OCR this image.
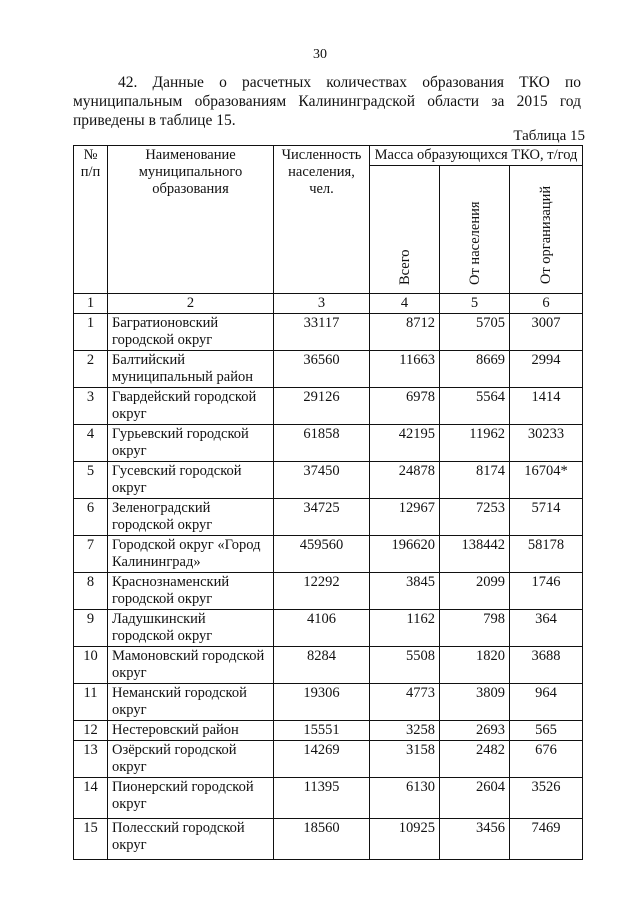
30

42. Данные о расчетных количествах образования ТКО по муниципальным образованиям Калининградской области за 2015 год приведены в таблице 15.

Таблица 15
№ п/п	Наименование муниципального образования	Численность населения, чел.	Масса образующихся ТКО, т/год		

			Всего	От населения	От организаций

1	2	3	4	5	6
1	Багратионовский городской округ	33117	8712	5705	3007
2	Балтийский муниципальный район	36560	11663	8669	2994
3	Гвардейский городской округ	29126	6978	5564	1414
4	Гурьевский городской округ	61858	42195	11962	30233
5	Гусевский городской округ	37450	24878	8174	16704*
6	Зеленоградский городской округ	34725	12967	7253	5714
7	Городской округ «Город Калининград»	459560	196620	138442	58178
8	Краснознаменский городской округ	12292	3845	2099	1746
9	Ладушкинский городской округ	4106	1162	798	364
10	Мамоновский городской округ	8284	5508	1820	3688
11	Неманский городской округ	19306	4773	3809	964
12	Нестеровский район	15551	3258	2693	565
13	Озёрский городской округ	14269	3158	2482	676
14	Пионерский городской округ	11395	6130	2604	3526
15	Полесский городской округ	18560	10925	3456	7469
